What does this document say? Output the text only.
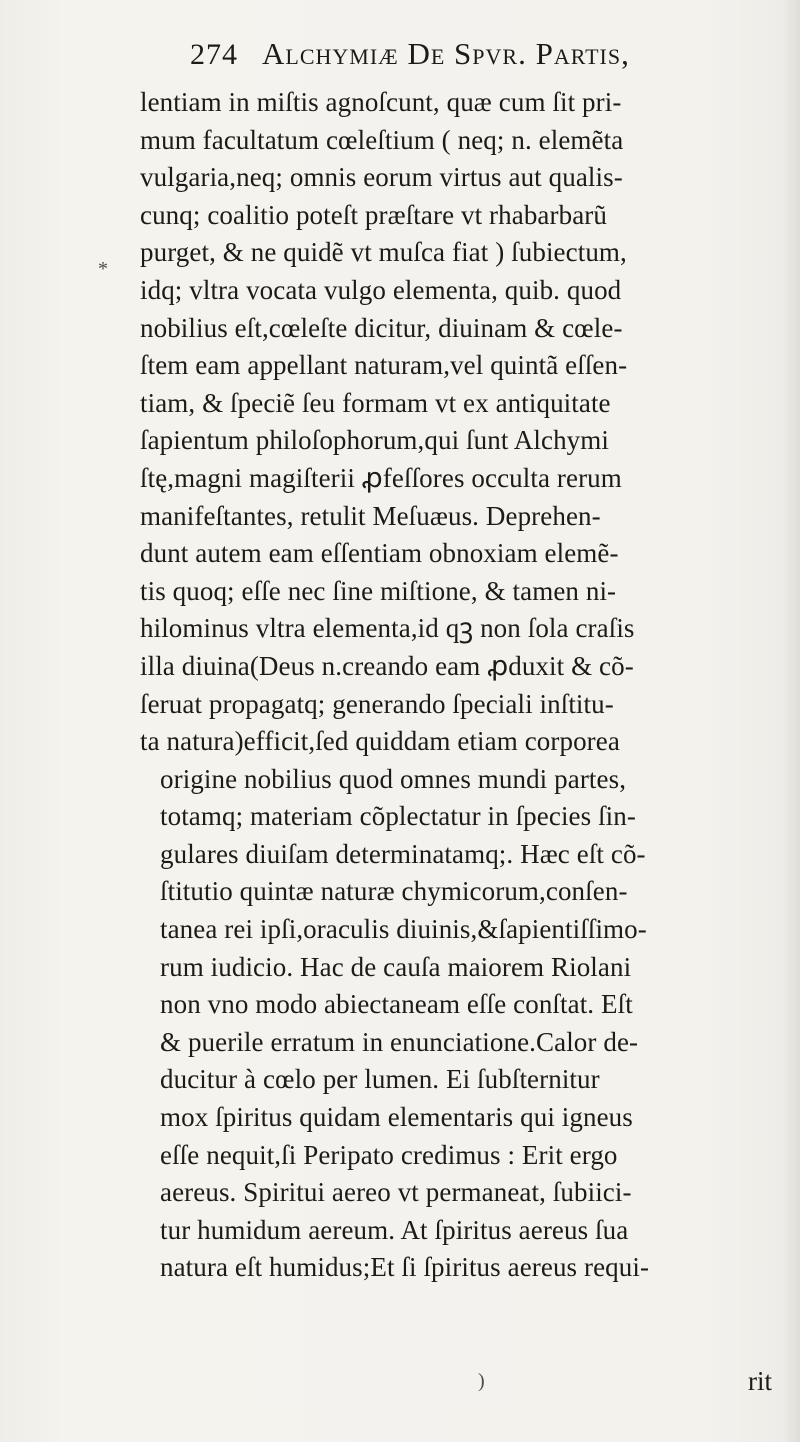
274 Alchymiæ De Spvr. Partis,
lentiam in miſtis agnoſcunt, quæ cum ſit pri-
mum facultatum cœleſtium ( neq; n. elemẽta
vulgaria,neq; omnis eorum virtus aut qualis-
cunq; coalitio poteſt præſtare vt rhabarbarũ
purget, & ne quidẽ vt muſca fiat ) ſubiectum,
idq; vltra vocata vulgo elementa, quib. quod
nobilius eſt,cœleſte dicitur, diuinam & cœle-
ſtem eam appellant naturam,vel quintã eſſen-
tiam, & ſpeciẽ ſeu formam vt ex antiquitate
ſapientum philoſophorum,qui ſunt Alchymi
ſtę,magni magiſterii ꝓfeſſores occulta rerum
manifeſtantes, retulit Meſuæus. Deprehen-
dunt autem eam eſſentiam obnoxiam elemẽ-
tis quoq; eſſe nec ſine miſtione, & tamen ni-
hilominus vltra elementa,id qꝫ non ſola craſis
illa diuina(Deus n.creando eam ꝓduxit & cõ-
ſeruat propagatq; generando ſpeciali inſtitu-
ta natura)efficit,ſed quiddam etiam corporea
origine nobilius quod omnes mundi partes,
totamq; materiam cõplectatur in ſpecies ſin-
gulares diuiſam determinatamq;. Hæc eſt cõ-
ſtitutio quintæ naturæ chymicorum,conſen-
tanea rei ipſi,oraculis diuinis,&ſapientiſſimo-
rum iudicio. Hac de cauſa maiorem Riolani
non vno modo abiectaneam eſſe conſtat. Eſt
& puerile erratum in enunciatione.Calor de-
ducitur à cœlo per lumen. Ei ſubſternitur
mox ſpiritus quidam elementaris qui igneus
eſſe nequit,ſi Peripato credimus : Erit ergo
aereus. Spiritui aereo vt permaneat, ſubiici-
tur humidum aereum. At ſpiritus aereus ſua
natura eſt humidus;Et ſi ſpiritus aereus requi-
rit
*
)
